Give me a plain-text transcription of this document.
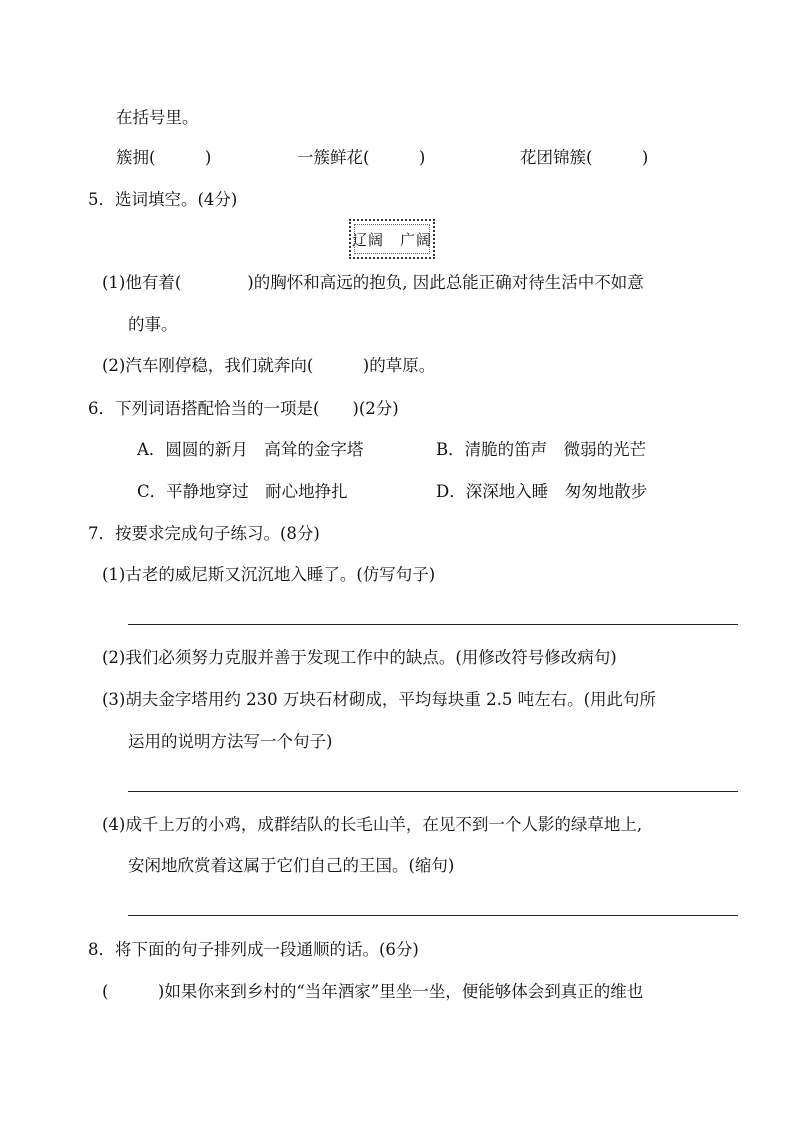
在括号里。
簇拥(　　　)	一簇鲜花(　　　)	花团锦簇(　　　)
5．选词填空。(4分)
辽阔　广阔
(1)他有着(　　　　)的胸怀和高远的抱负, 因此总能正确对待生活中不如意
的事。
(2)汽车刚停稳，我们就奔向(　　　)的草原。
6．下列词语搭配恰当的一项是(　　)(2分)
A．圆圆的新月　高耸的金字塔	B．清脆的笛声　微弱的光芒
C．平静地穿过　耐心地挣扎	D．深深地入睡　匆匆地散步
7．按要求完成句子练习。(8分)
(1)古老的威尼斯又沉沉地入睡了。(仿写句子)
(2)我们必须努力克服并善于发现工作中的缺点。(用修改符号修改病句)
(3)胡夫金字塔用约 230 万块石材砌成，平均每块重 2.5 吨左右。(用此句所
运用的说明方法写一个句子)
(4)成千上万的小鸡，成群结队的长毛山羊，在见不到一个人影的绿草地上,
安闲地欣赏着这属于它们自己的王国。(缩句)
8．将下面的句子排列成一段通顺的话。(6分)
(　　　)如果你来到乡村的“当年酒家”里坐一坐，便能够体会到真正的维也
